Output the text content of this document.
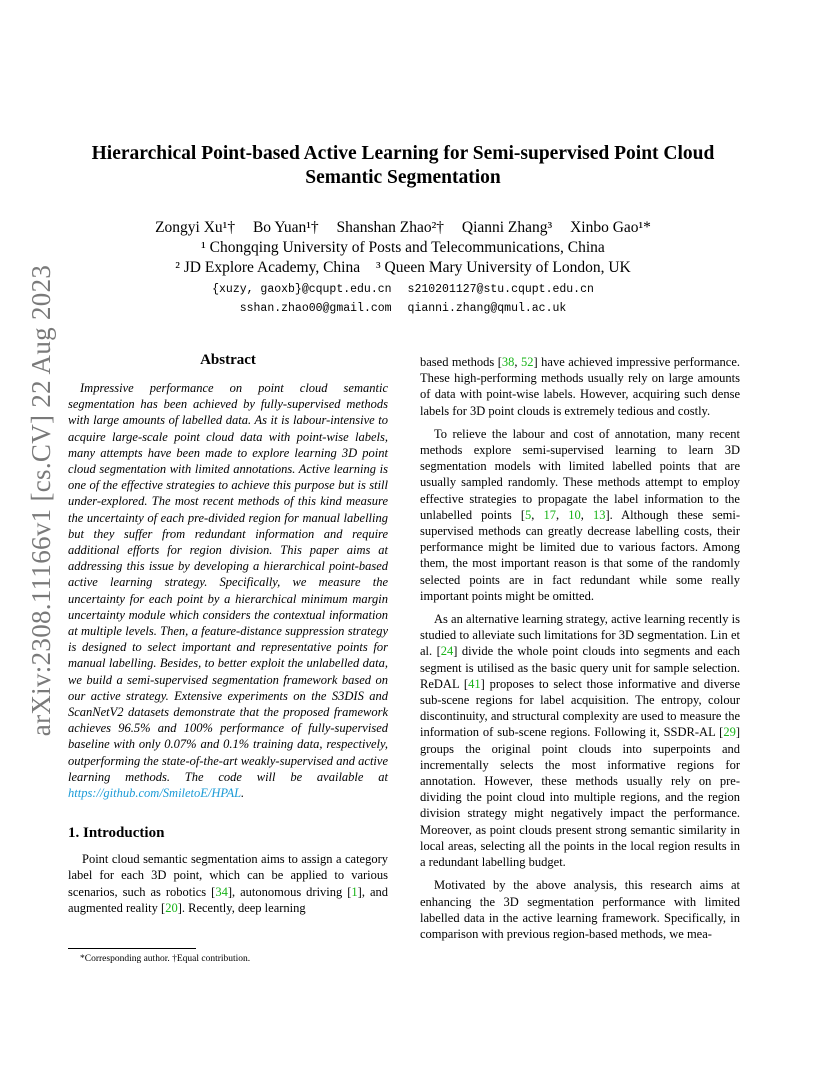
arXiv:2308.11166v1 [cs.CV] 22 Aug 2023
Hierarchical Point-based Active Learning for Semi-supervised Point Cloud Semantic Segmentation
Zongyi Xu¹† Bo Yuan¹† Shanshan Zhao²† Qianni Zhang³ Xinbo Gao¹*
¹ Chongqing University of Posts and Telecommunications, China
² JD Explore Academy, China ³ Queen Mary University of London, UK
{xuzy, gaoxb}@cqupt.edu.cn s210201127@stu.cqupt.edu.cn
sshan.zhao00@gmail.com qianni.zhang@qmul.ac.uk
Abstract

Impressive performance on point cloud semantic segmentation has been achieved by fully-supervised methods with large amounts of labelled data. As it is labour-intensive to acquire large-scale point cloud data with point-wise labels, many attempts have been made to explore learning 3D point cloud segmentation with limited annotations. Active learning is one of the effective strategies to achieve this purpose but is still under-explored. The most recent methods of this kind measure the uncertainty of each pre-divided region for manual labelling but they suffer from redundant information and require additional efforts for region division. This paper aims at addressing this issue by developing a hierarchical point-based active learning strategy. Specifically, we measure the uncertainty for each point by a hierarchical minimum margin uncertainty module which considers the contextual information at multiple levels. Then, a feature-distance suppression strategy is designed to select important and representative points for manual labelling. Besides, to better exploit the unlabelled data, we build a semi-supervised segmentation framework based on our active strategy. Extensive experiments on the S3DIS and ScanNetV2 datasets demonstrate that the proposed framework achieves 96.5% and 100% performance of fully-supervised baseline with only 0.07% and 0.1% training data, respectively, outperforming the state-of-the-art weakly-supervised and active learning methods. The code will be available at https://github.com/SmiletoE/HPAL.

1. Introduction

Point cloud semantic segmentation aims to assign a category label for each 3D point, which can be applied to various scenarios, such as robotics [34], autonomous driving [1], and augmented reality [20]. Recently, deep learning

*Corresponding author. †Equal contribution.

based methods [38, 52] have achieved impressive performance. These high-performing methods usually rely on large amounts of data with point-wise labels. However, acquiring such dense labels for 3D point clouds is extremely tedious and costly.

To relieve the labour and cost of annotation, many recent methods explore semi-supervised learning to learn 3D segmentation models with limited labelled points that are usually sampled randomly. These methods attempt to employ effective strategies to propagate the label information to the unlabelled points [5, 17, 10, 13]. Although these semi-supervised methods can greatly decrease labelling costs, their performance might be limited due to various factors. Among them, the most important reason is that some of the randomly selected points are in fact redundant while some really important points might be omitted.

As an alternative learning strategy, active learning recently is studied to alleviate such limitations for 3D segmentation. Lin et al. [24] divide the whole point clouds into segments and each segment is utilised as the basic query unit for sample selection. ReDAL [41] proposes to select those informative and diverse sub-scene regions for label acquisition. The entropy, colour discontinuity, and structural complexity are used to measure the information of sub-scene regions. Following it, SSDR-AL [29] groups the original point clouds into superpoints and incrementally selects the most informative regions for annotation. However, these methods usually rely on pre-dividing the point cloud into multiple regions, and the region division strategy might negatively impact the performance. Moreover, as point clouds present strong semantic similarity in local areas, selecting all the points in the local region results in a redundant labelling budget.

Motivated by the above analysis, this research aims at enhancing the 3D segmentation performance with limited labelled data in the active learning framework. Specifically, in comparison with previous region-based methods, we mea-
